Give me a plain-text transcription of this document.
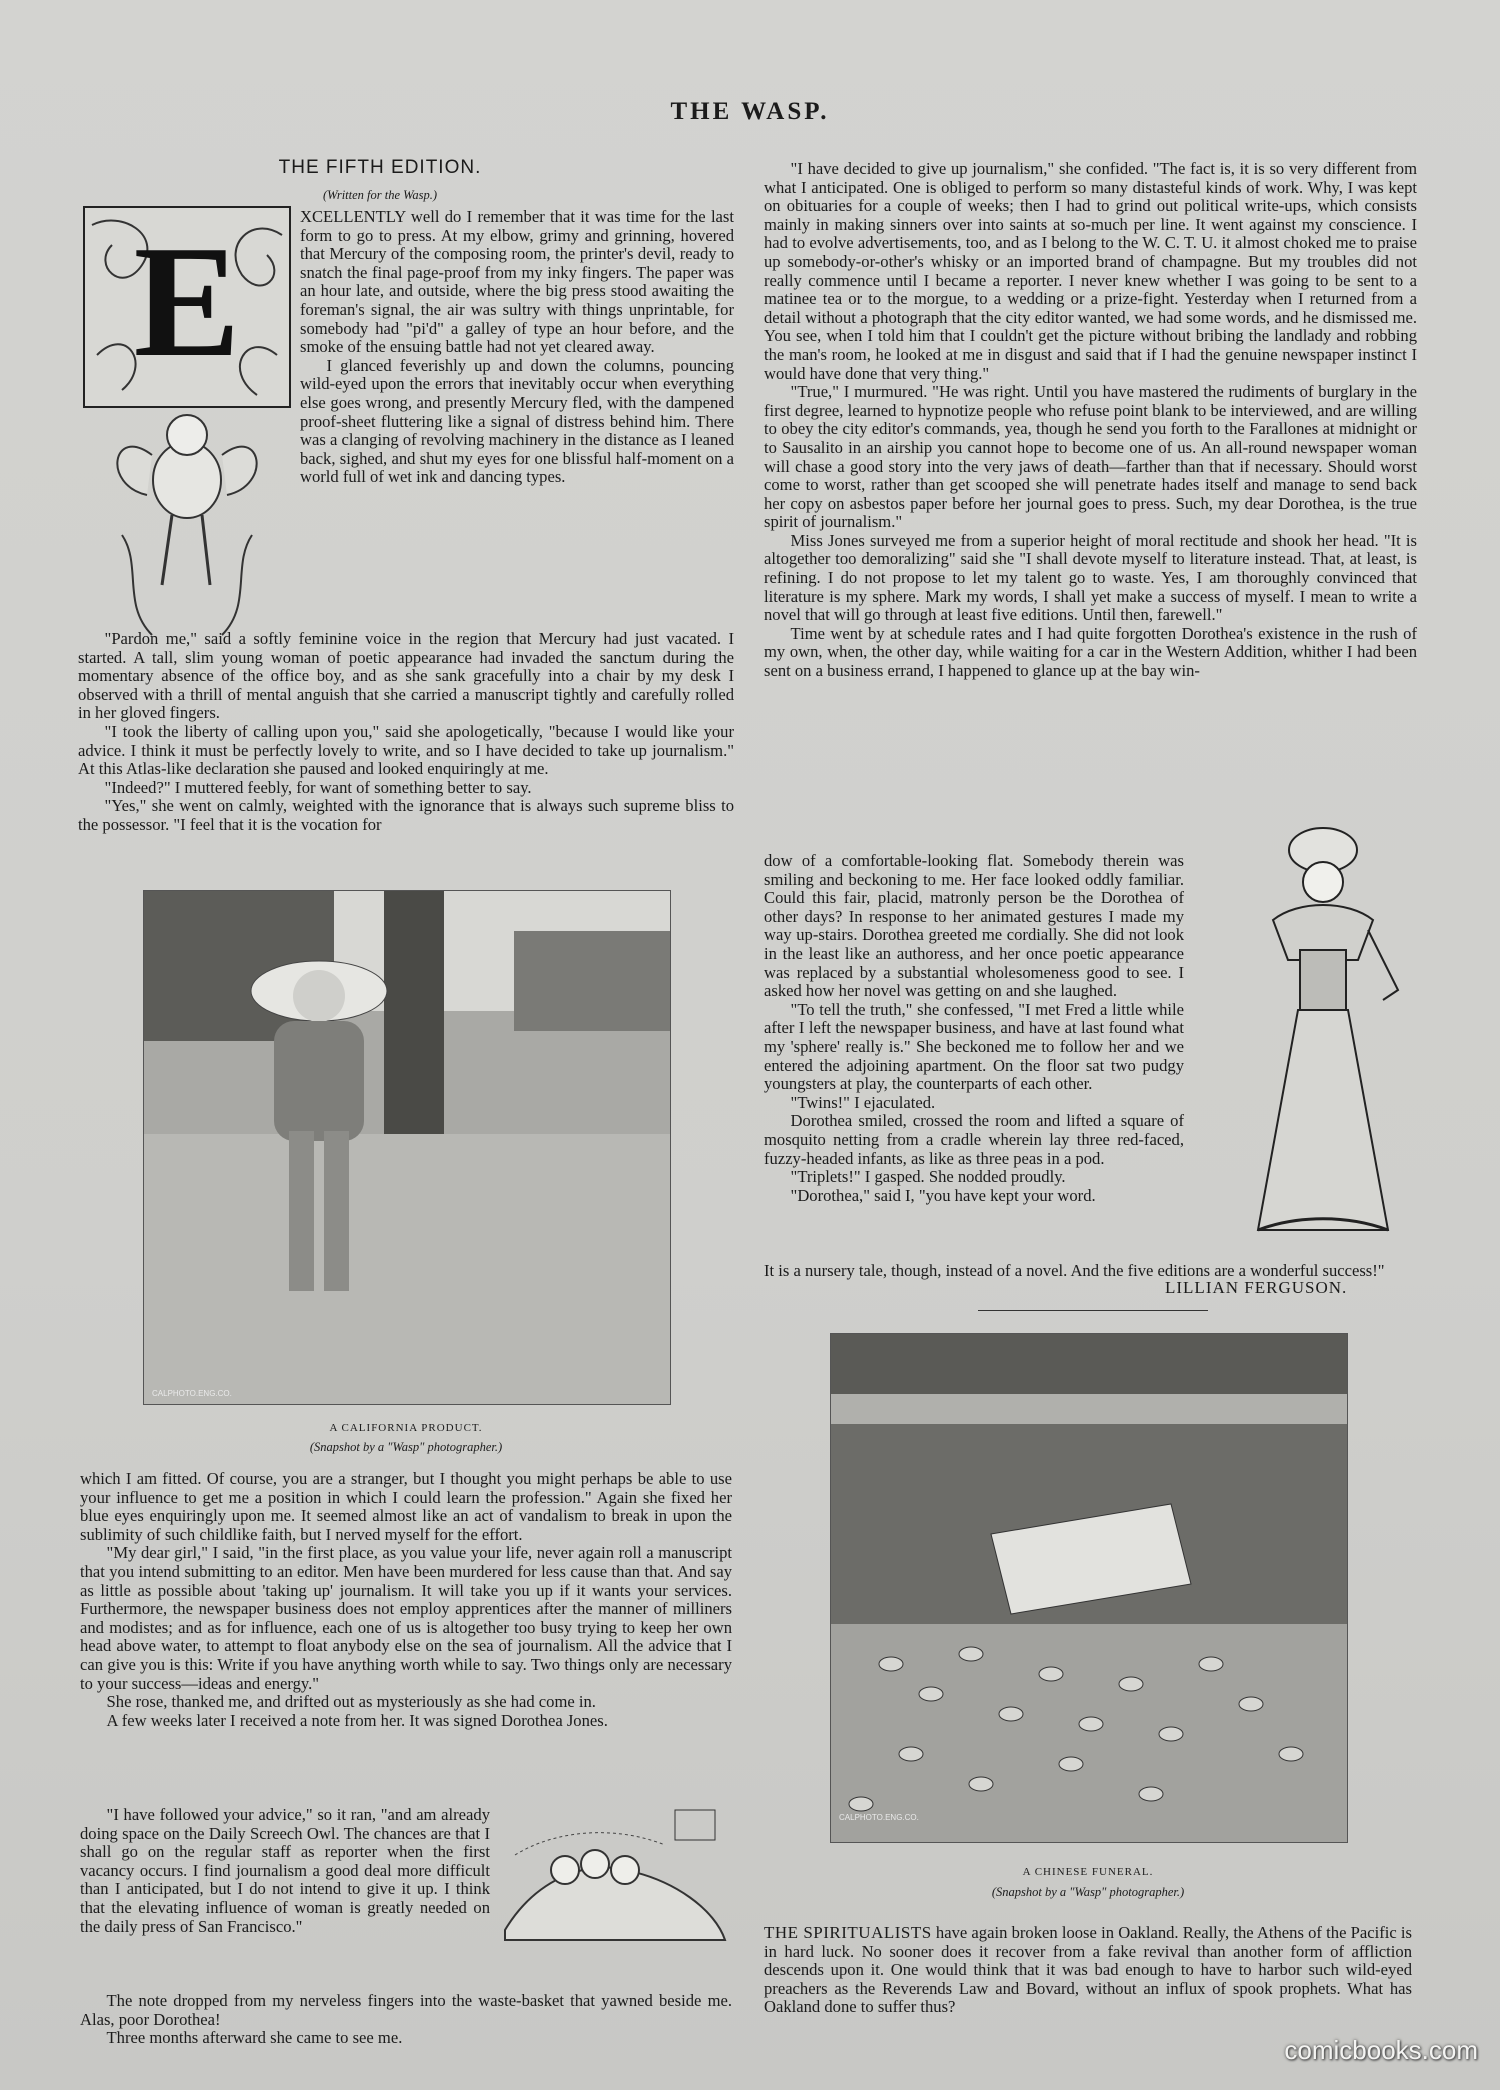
THE WASP.
THE FIFTH EDITION.
(Written for the Wasp.)
E	XCELLENTLY well do I remember that it was time for the last form to go to press. At my elbow, grimy and grinning, hovered that Mercury of the composing room, the printer's devil, ready to snatch the final page-proof from my inky fingers. The paper was an hour late, and outside, where the big press stood awaiting the foreman's signal, the air was sultry with things unprintable, for somebody had "pi'd" a galley of type an hour before, and the smoke of the ensuing battle had not yet cleared away.

I glanced feverishly up and down the columns, pouncing wild-eyed upon the errors that inevitably occur when everything else goes wrong, and presently Mercury fled, with the dampened proof-sheet fluttering like a signal of distress behind him. There was a clanging of revolving machinery in the distance as I leaned back, sighed, and shut my eyes for one blissful half-moment on a world full of wet ink and dancing types.

"Pardon me," said a softly feminine voice in the region that Mercury had just vacated. I started. A tall, slim young woman of poetic appearance had invaded the sanctum during the momentary absence of the office boy, and as she sank gracefully into a chair by my desk I observed with a thrill of mental anguish that she carried a manuscript tightly and carefully rolled in her gloved fingers.

"I took the liberty of calling upon you," said she apologetically, "because I would like your advice. I think it must be perfectly lovely to write, and so I have decided to take up journalism." At this Atlas-like declaration she paused and looked enquiringly at me.

"Indeed?" I muttered feebly, for want of something better to say.

"Yes," she went on calmly, weighted with the ignorance that is always such supreme bliss to the possessor. "I feel that it is the vocation for

CALPHOTO.ENG.CO.
A CALIFORNIA PRODUCT.
(Snapshot by a "Wasp" photographer.)

which I am fitted. Of course, you are a stranger, but I thought you might perhaps be able to use your influence to get me a position in which I could learn the profession." Again she fixed her blue eyes enquiringly upon me. It seemed almost like an act of vandalism to break in upon the sublimity of such childlike faith, but I nerved myself for the effort.

"My dear girl," I said, "in the first place, as you value your life, never again roll a manuscript that you intend submitting to an editor. Men have been murdered for less cause than that. And say as little as possible about 'taking up' journalism. It will take you up if it wants your services. Furthermore, the newspaper business does not employ apprentices after the manner of milliners and modistes; and as for influence, each one of us is altogether too busy trying to keep her own head above water, to attempt to float anybody else on the sea of journalism. All the advice that I can give you is this: Write if you have anything worth while to say. Two things only are necessary to your success—ideas and energy."

She rose, thanked me, and drifted out as mysteriously as she had come in.

A few weeks later I received a note from her. It was signed Dorothea Jones.

"I have followed your advice," so it ran, "and am already doing space on the Daily Screech Owl. The chances are that I shall go on the regular staff as reporter when the first vacancy occurs. I find journalism a good deal more difficult than I anticipated, but I do not intend to give it up. I think that the elevating influence of woman is greatly needed on the daily press of San Francisco."

The note dropped from my nerveless fingers into the waste-basket that yawned beside me. Alas, poor Dorothea!

Three months afterward she came to see me.

"I have decided to give up journalism," she confided. "The fact is, it is so very different from what I anticipated. One is obliged to perform so many distasteful kinds of work. Why, I was kept on obituaries for a couple of weeks; then I had to grind out political write-ups, which consists mainly in making sinners over into saints at so-much per line. It went against my conscience. I had to evolve advertisements, too, and as I belong to the W. C. T. U. it almost choked me to praise up somebody-or-other's whisky or an imported brand of champagne. But my troubles did not really commence until I became a reporter. I never knew whether I was going to be sent to a matinee tea or to the morgue, to a wedding or a prize-fight. Yesterday when I returned from a detail without a photograph that the city editor wanted, we had some words, and he dismissed me. You see, when I told him that I couldn't get the picture without bribing the landlady and robbing the man's room, he looked at me in disgust and said that if I had the genuine newspaper instinct I would have done that very thing."

"True," I murmured. "He was right. Until you have mastered the rudiments of burglary in the first degree, learned to hypnotize people who refuse point blank to be interviewed, and are willing to obey the city editor's commands, yea, though he send you forth to the Farallones at midnight or to Sausalito in an airship you cannot hope to become one of us. An all-round newspaper woman will chase a good story into the very jaws of death—farther than that if necessary. Should worst come to worst, rather than get scooped she will penetrate hades itself and manage to send back her copy on asbestos paper before her journal goes to press. Such, my dear Dorothea, is the true spirit of journalism."

Miss Jones surveyed me from a superior height of moral rectitude and shook her head. "It is altogether too demoralizing" said she "I shall devote myself to literature instead. That, at least, is refining. I do not propose to let my talent go to waste. Yes, I am thoroughly convinced that literature is my sphere. Mark my words, I shall yet make a success of myself. I mean to write a novel that will go through at least five editions. Until then, farewell."

Time went by at schedule rates and I had quite forgotten Dorothea's existence in the rush of my own, when, the other day, while waiting for a car in the Western Addition, whither I had been sent on a business errand, I happened to glance up at the bay win-

dow of a comfortable-looking flat. Somebody therein was smiling and beckoning to me. Her face looked oddly familiar. Could this fair, placid, matronly person be the Dorothea of other days? In response to her animated gestures I made my way up-stairs. Dorothea greeted me cordially. She did not look in the least like an authoress, and her once poetic appearance was replaced by a substantial wholesomeness good to see. I asked how her novel was getting on and she laughed.

"To tell the truth," she confessed, "I met Fred a little while after I left the newspaper business, and have at last found what my 'sphere' really is." She beckoned me to follow her and we entered the adjoining apartment. On the floor sat two pudgy youngsters at play, the counterparts of each other.

"Twins!" I ejaculated.

Dorothea smiled, crossed the room and lifted a square of mosquito netting from a cradle wherein lay three red-faced, fuzzy-headed infants, as like as three peas in a pod.

"Triplets!" I gasped. She nodded proudly.

"Dorothea," said I, "you have kept your word.

It is a nursery tale, though, instead of a novel. And the five editions are a wonderful success!"

LILLIAN FERGUSON.
CALPHOTO.ENG.CO.
A CHINESE FUNERAL.
(Snapshot by a "Wasp" photographer.)

THE SPIRITUALISTS have again broken loose in Oakland. Really, the Athens of the Pacific is in hard luck. No sooner does it recover from a fake revival than another form of affliction descends upon it. One would think that it was bad enough to have to harbor such wild-eyed preachers as the Reverends Law and Bovard, without an influx of spook prophets. What has Oakland done to suffer thus?

comicbooks.com
